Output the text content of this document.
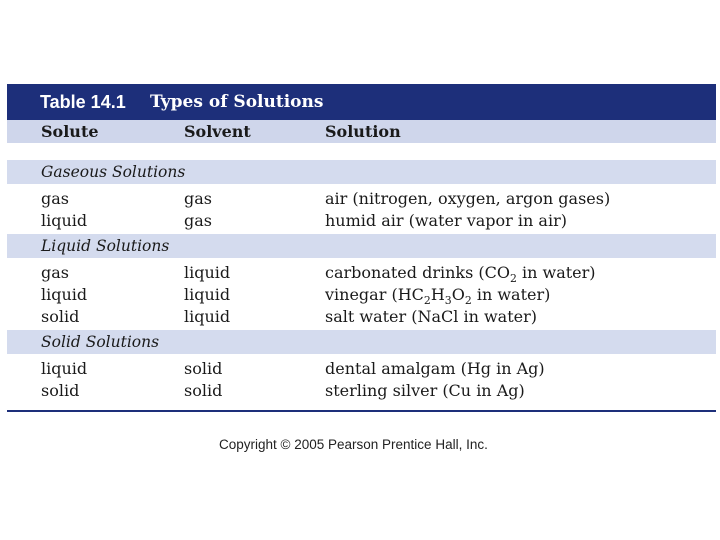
Table 14.1	Types of Solutions
Solute	Solvent	Solution
Gaseous Solutions
gas	gas	air (nitrogen, oxygen, argon gases)
liquid	gas	humid air (water vapor in air)
Liquid Solutions
gas	liquid	carbonated drinks ($CO_2$ in water)
liquid	liquid	vinegar ($HC_2H_3O_2$ in water)
solid	liquid	salt water (NaCl in water)
Solid Solutions
liquid	solid	dental amalgam (Hg in Ag)
solid	solid	sterling silver (Cu in Ag)
Copyright © 2005 Pearson Prentice Hall, Inc.
